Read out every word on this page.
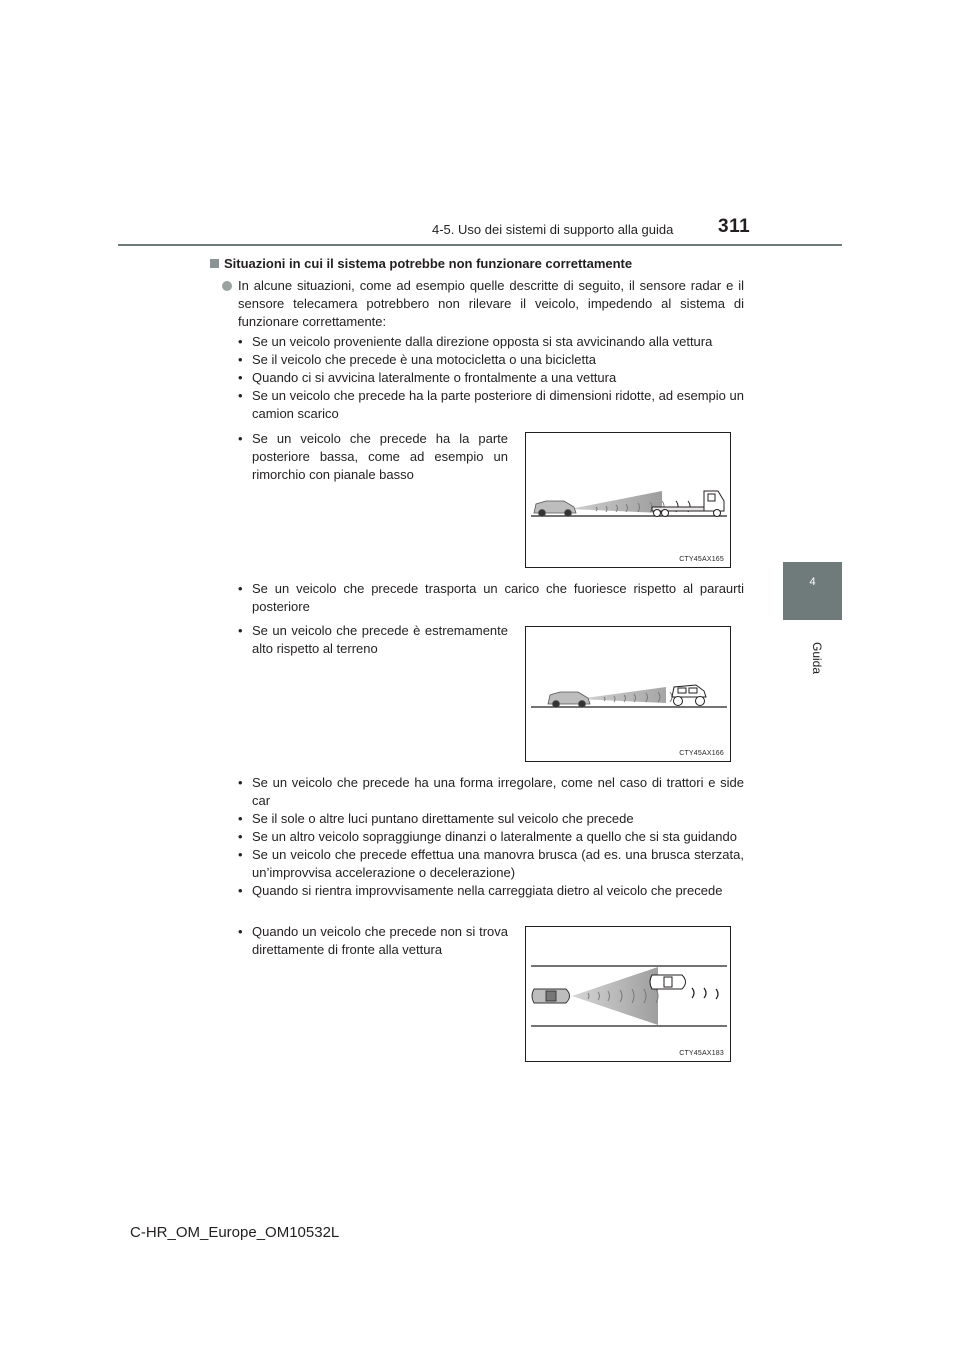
4-5. Uso dei sistemi di supporto alla guida 311
4
Guida
Situazioni in cui il sistema potrebbe non funzionare correttamente
In alcune situazioni, come ad esempio quelle descritte di seguito, il sensore radar e il sensore telecamera potrebbero non rilevare il veicolo, impedendo al sistema di funzionare correttamente:
• Se un veicolo proveniente dalla direzione opposta si sta avvicinando alla vettura
• Se il veicolo che precede è una motocicletta o una bicicletta
• Quando ci si avvicina lateralmente o frontalmente a una vettura
• Se un veicolo che precede ha la parte posteriore di dimensioni ridotte, ad esempio un camion scarico
• Se un veicolo che precede ha la parte posteriore bassa, come ad esempio un rimorchio con pianale basso
CTY45AX165
• Se un veicolo che precede trasporta un carico che fuoriesce rispetto al paraurti posteriore
• Se un veicolo che precede è estremamente alto rispetto al terreno
CTY45AX166
• Se un veicolo che precede ha una forma irregolare, come nel caso di trattori e side car
• Se il sole o altre luci puntano direttamente sul veicolo che precede
• Se un altro veicolo sopraggiunge dinanzi o lateralmente a quello che si sta guidando
• Se un veicolo che precede effettua una manovra brusca (ad es. una brusca sterzata, un’improvvisa accelerazione o decelerazione)
• Quando si rientra improvvisamente nella carreggiata dietro al veicolo che precede
• Quando un veicolo che precede non si trova direttamente di fronte alla vettura
CTY45AX183
C-HR_OM_Europe_OM10532L
